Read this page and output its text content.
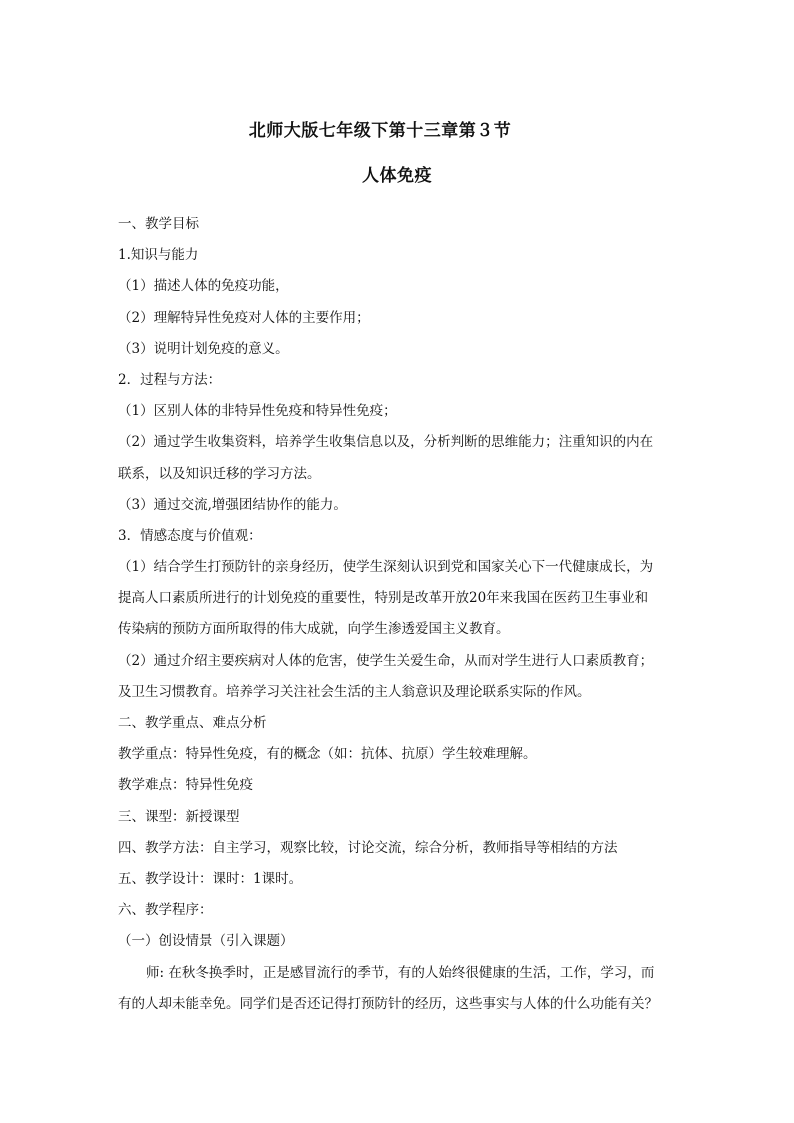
北师大版七年级下第十三章第３节
人体免疫
一、教学目标
1.知识与能力
（1）描述人体的免疫功能，
（2）理解特异性免疫对人体的主要作用；
（3）说明计划免疫的意义。
2．过程与方法：
（1）区别人体的非特异性免疫和特异性免疫；
（2）通过学生收集资料，培养学生收集信息以及，分析判断的思维能力；注重知识的内在
联系，以及知识迁移的学习方法。
（3）通过交流,增强团结协作的能力。
3．情感态度与价值观：
（1）结合学生打预防针的亲身经历，使学生深刻认识到党和国家关心下一代健康成长，为
提高人口素质所进行的计划免疫的重要性，特别是改革开放20年来我国在医药卫生事业和
传染病的预防方面所取得的伟大成就，向学生渗透爱国主义教育。
（2）通过介绍主要疾病对人体的危害，使学生关爱生命，从而对学生进行人口素质教育；
及卫生习惯教育。培养学习关注社会生活的主人翁意识及理论联系实际的作风。
二、教学重点、难点分析
教学重点：特异性免疫，有的概念（如：抗体、抗原）学生较难理解。
教学难点：特异性免疫
三、课型：新授课型
四、教学方法：自主学习，观察比较，讨论交流，综合分析，教师指导等相结的方法
五、教学设计：课时：1课时。
六、教学程序：
（一）创设情景（引入课题）
师: 在秋冬换季时，正是感冒流行的季节，有的人始终很健康的生活，工作，学习，而
有的人却未能幸免。同学们是否还记得打预防针的经历，这些事实与人体的什么功能有关？
